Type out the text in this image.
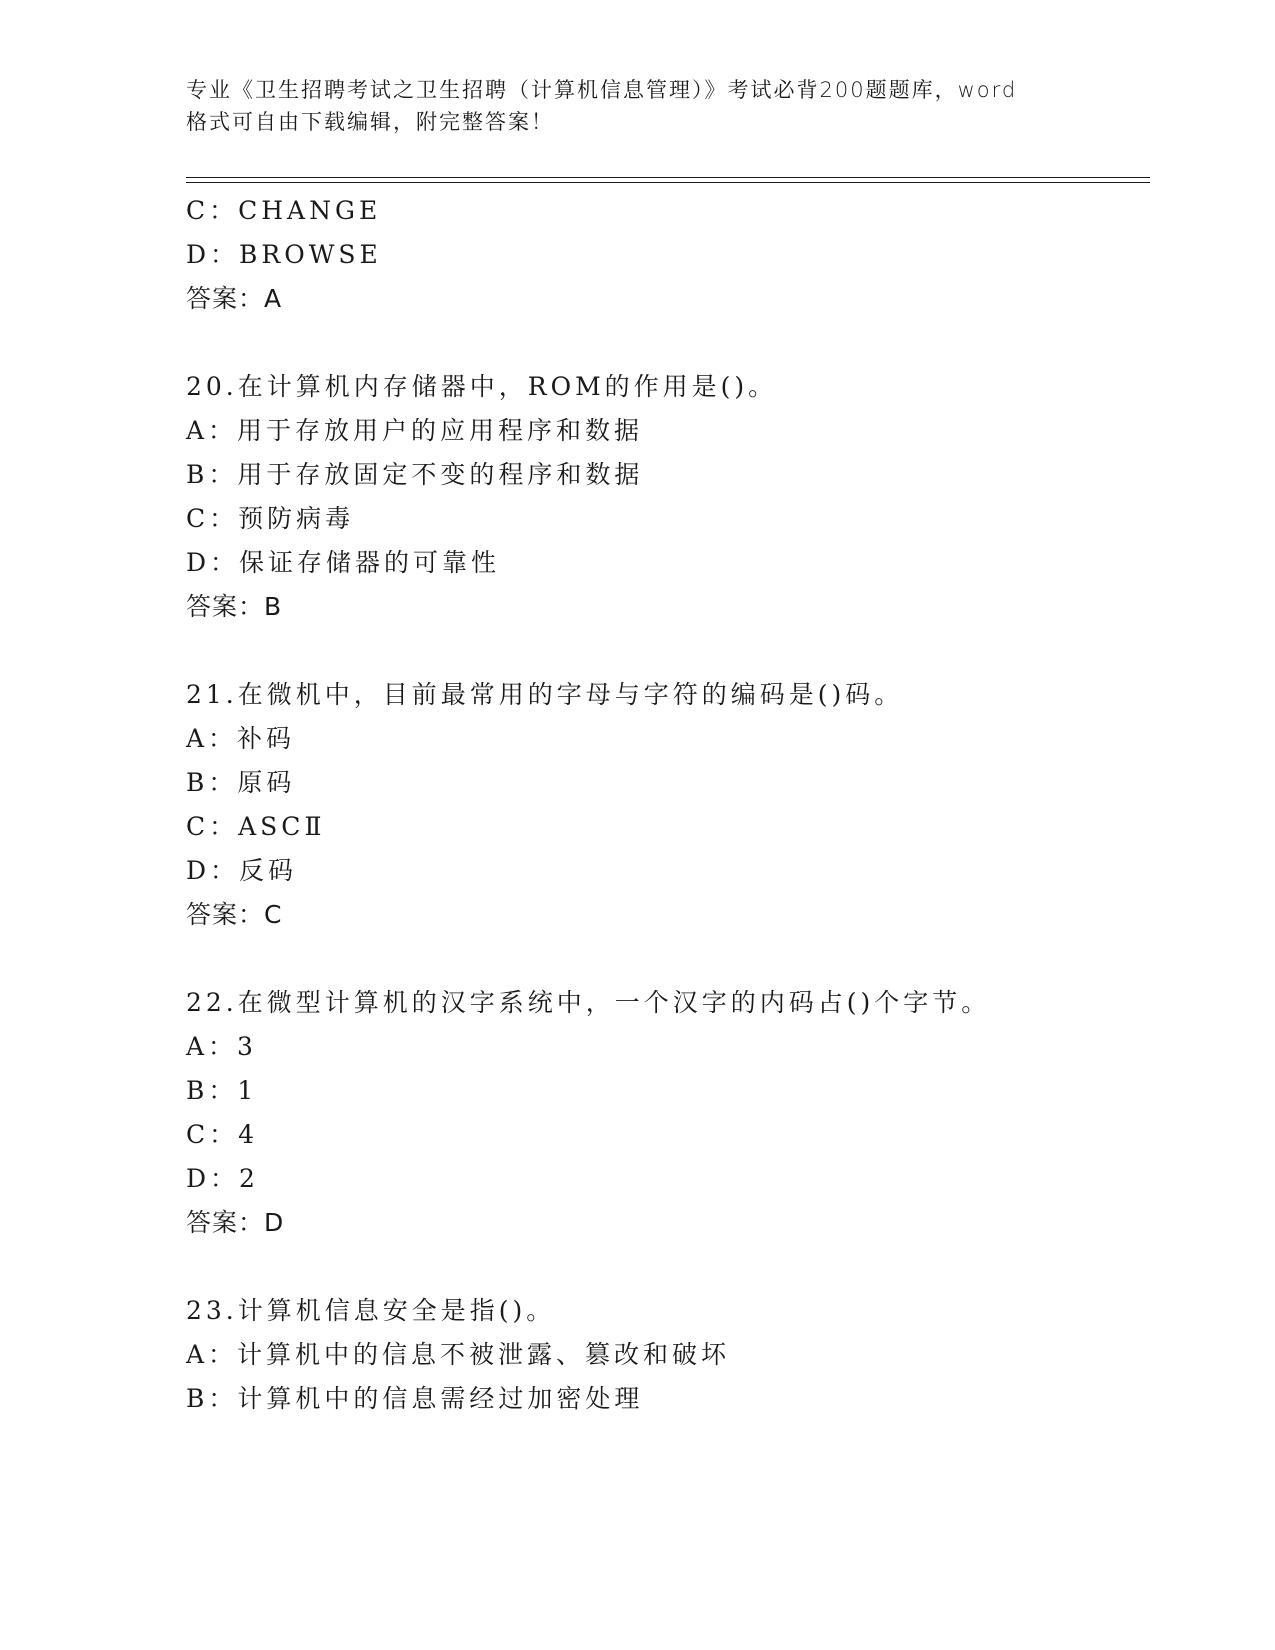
专业《卫生招聘考试之卫生招聘（计算机信息管理）》考试必背200题题库，word
格式可自由下载编辑，附完整答案！
C：CHANGE
D：BROWSE
答案：A
20.在计算机内存储器中，ROM的作用是()。
A：用于存放用户的应用程序和数据
B：用于存放固定不变的程序和数据
C：预防病毒
D：保证存储器的可靠性
答案：B
21.在微机中，目前最常用的字母与字符的编码是()码。
A：补码
B：原码
C：ASCⅡ
D：反码
答案：C
22.在微型计算机的汉字系统中，一个汉字的内码占()个字节。
A：3
B：1
C：4
D：2
答案：D
23.计算机信息安全是指()。
A：计算机中的信息不被泄露、篡改和破坏
B：计算机中的信息需经过加密处理
